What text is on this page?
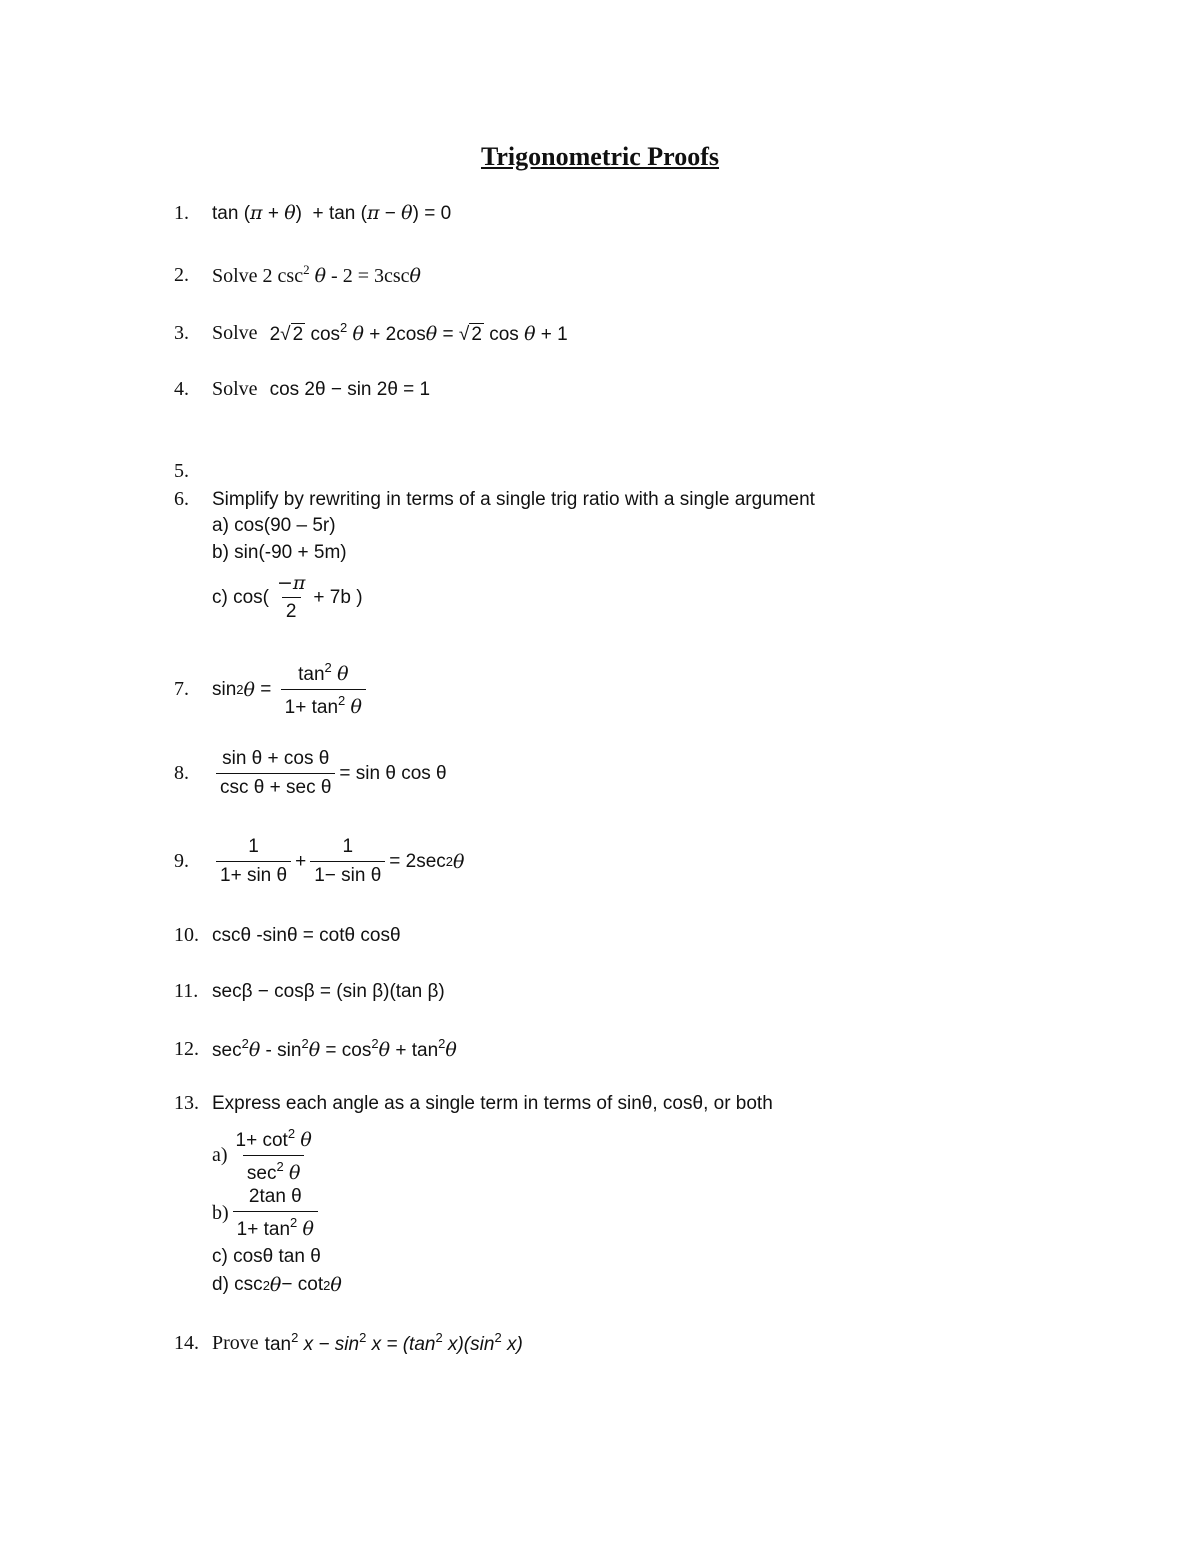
Trigonometric Proofs
1.	tan (π + θ)  + tan (π − θ) = 0
2.	Solve 2 $\csc^2 \theta - 2 = 3\csc\theta$
3.	Solve 2√ 2 $\cos^2 \theta + 2\cos\theta$ = √ 2 cos θ + 1
4.	Solve cos 2θ − sin 2θ = 1
5.
6.	Simplify by rewriting in terms of a single trig ratio with a single argument
a) cos(90 – 5r)
b) sin(-90 + 5m)
c) $\cos( \frac{-\pi}{2} + 7b$ )
7.	sin 2 θ
=
$\frac{\tan^2 \theta}{1+ \tan^2 \theta}$
8.	$\frac{\text{sin θ + cos θ}}{\text{csc θ + sec θ}} = \sin \theta$ cos θ
9.	$\frac{1}{\text{1+ sin θ}} + \frac{1}{\text{1− sin θ}} = 2\sec$ 2 θ
10. cscθ -sinθ = cotθ cosθ
11. secβ − cosβ = (sin β)(tan β)
12. $\sec^2\theta - \sin^2\theta = \cos^2\theta + \tan^2\theta$
13. Express each angle as a single term in terms of sinθ, cosθ, or both
$a) \frac{1+ \cot^2 \theta}{\sec^2 \theta}$
$b) \frac{\text{2tan θ}}{1+ \tan^2 \theta}$
c) cosθ tan θ
d) csc 2 θ − cot 2 θ
14. Prove $\tan^2 x - \sin^2 x = (\tan^2$ $x)(\sin^2$ x)
